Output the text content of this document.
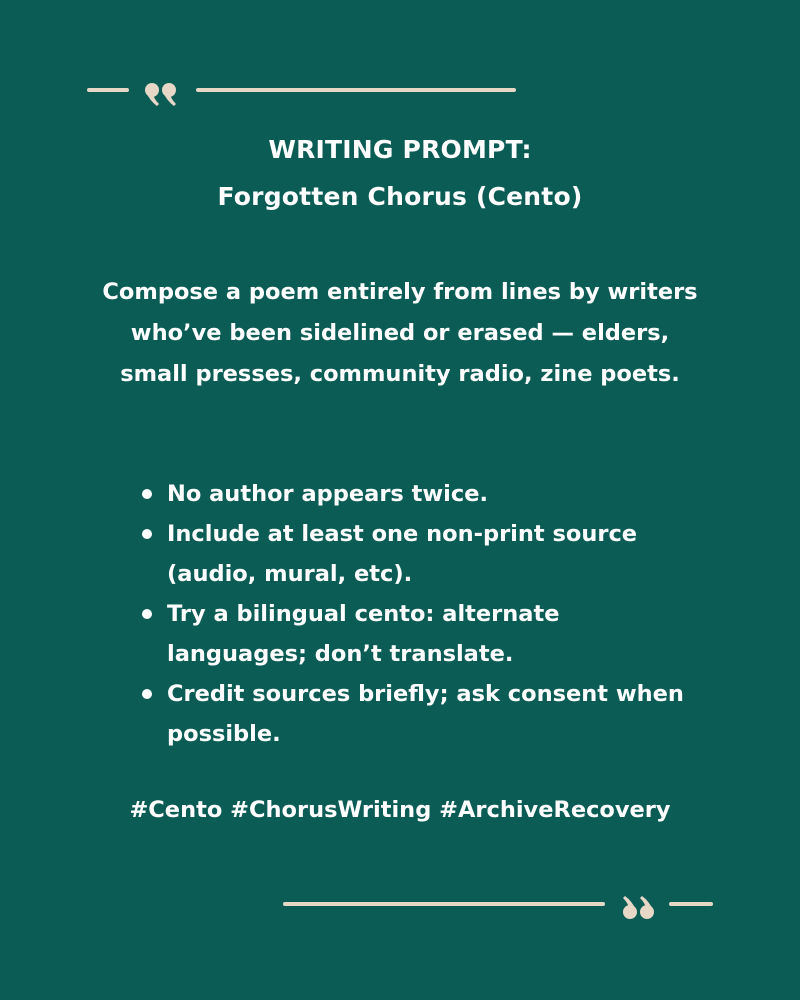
WRITING PROMPT:
Forgotten Chorus (Cento)
Compose a poem entirely from lines by writers who’ve been sidelined or erased — elders, small presses, community radio, zine poets.
No author appears twice.
Include at least one non-print source (audio, mural, etc).
Try a bilingual cento: alternate languages; don’t translate.
Credit sources briefly; ask consent when possible.
#Cento #ChorusWriting #ArchiveRecovery
